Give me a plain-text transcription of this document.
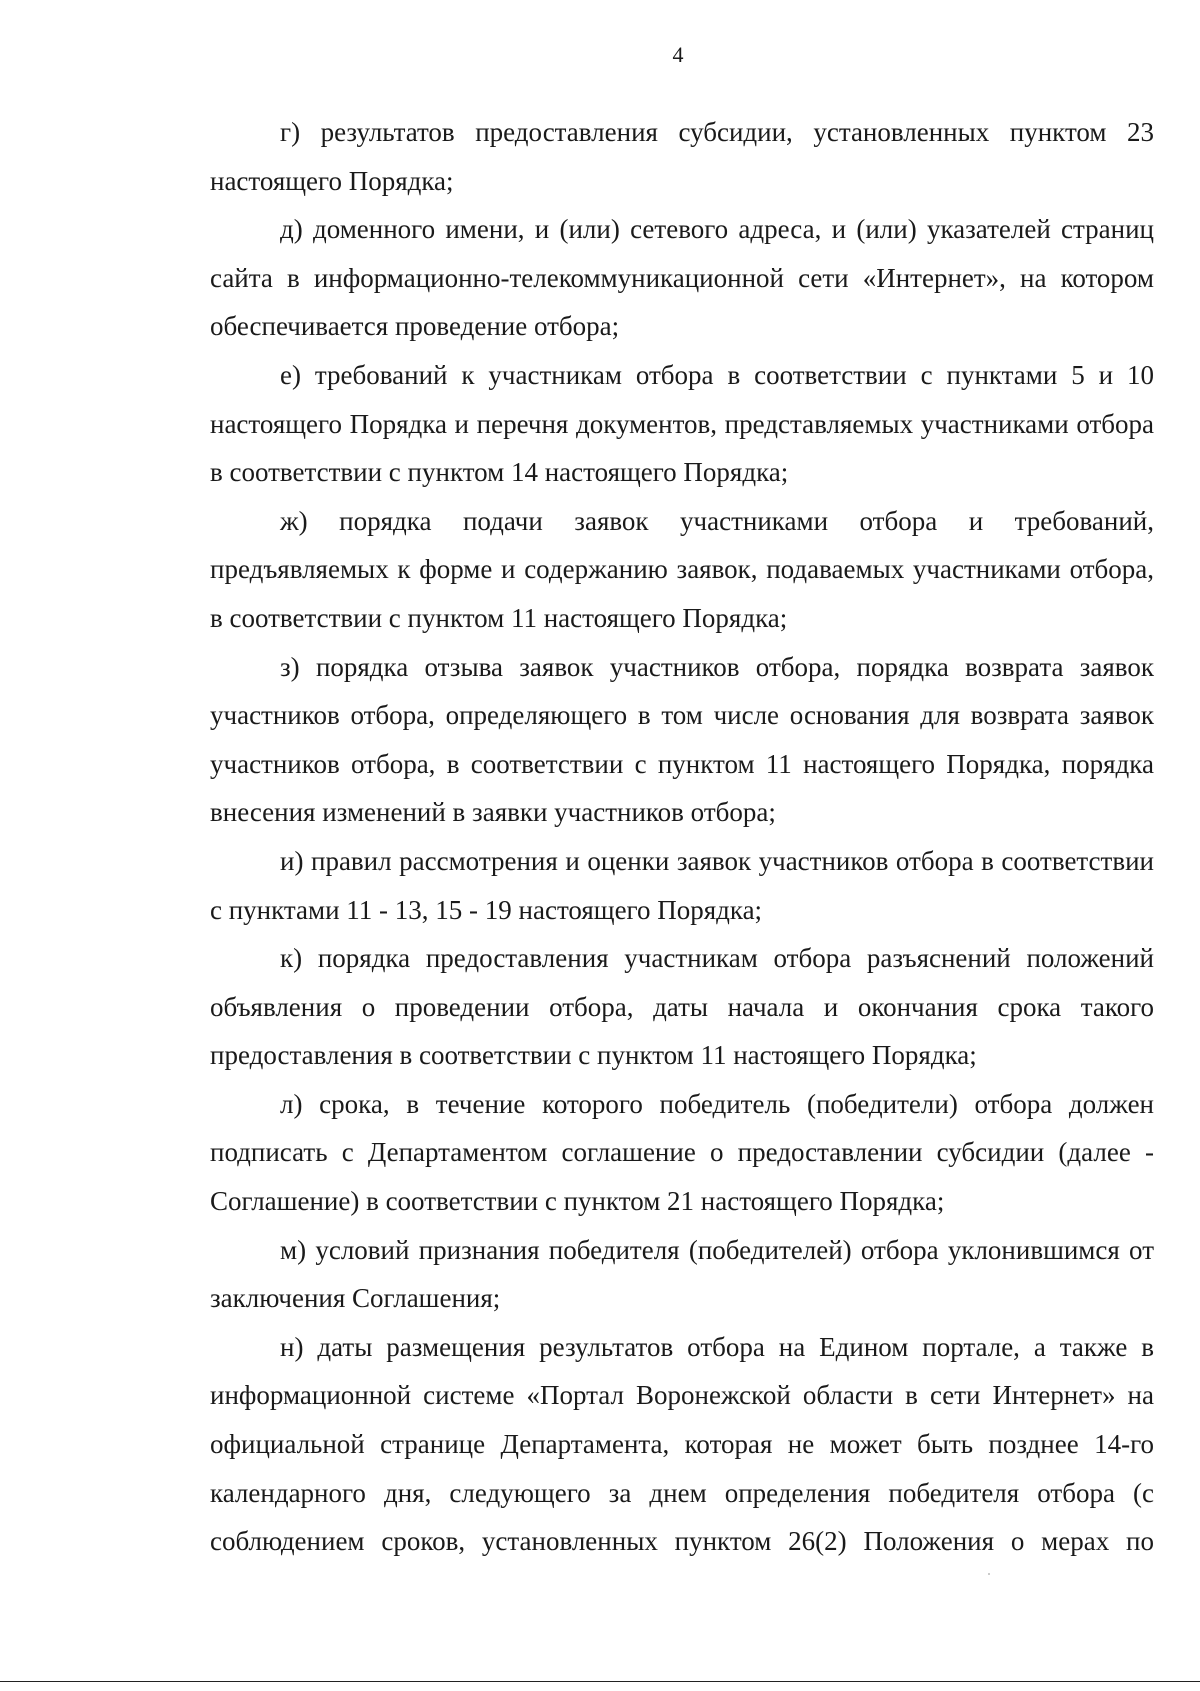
4

г) результатов предоставления субсидии, установленных пунктом 23 настоящего Порядка;

д) доменного имени, и (или) сетевого адреса, и (или) указателей страниц сайта в информационно-телекоммуникационной сети «Интернет», на котором обеспечивается проведение отбора;

е) требований к участникам отбора в соответствии с пунктами 5 и 10 настоящего Порядка и перечня документов, представляемых участниками отбора в соответствии с пунктом 14 настоящего Порядка;

ж) порядка подачи заявок участниками отбора и требований, предъявляемых к форме и содержанию заявок, подаваемых участниками отбора, в соответствии с пунктом 11 настоящего Порядка;

з) порядка отзыва заявок участников отбора, порядка возврата заявок участников отбора, определяющего в том числе основания для возврата заявок участников отбора, в соответствии с пунктом 11 настоящего Порядка, порядка внесения изменений в заявки участников отбора;

и) правил рассмотрения и оценки заявок участников отбора в соответствии с пунктами 11 - 13, 15 - 19 настоящего Порядка;

к) порядка предоставления участникам отбора разъяснений положений объявления о проведении отбора, даты начала и окончания срока такого предоставления в соответствии с пунктом 11 настоящего Порядка;

л) срока, в течение которого победитель (победители) отбора должен подписать с Департаментом соглашение о предоставлении субсидии (далее - Соглашение) в соответствии с пунктом 21 настоящего Порядка;

м) условий признания победителя (победителей) отбора уклонившимся от заключения Соглашения;

н) даты размещения результатов отбора на Едином портале, а также в информационной системе «Портал Воронежской области в сети Интернет» на официальной странице Департамента, которая не может быть позднее 14-го календарного дня, следующего за днем определения победителя отбора (с соблюдением сроков, установленных пунктом 26(2) Положения о мерах по
